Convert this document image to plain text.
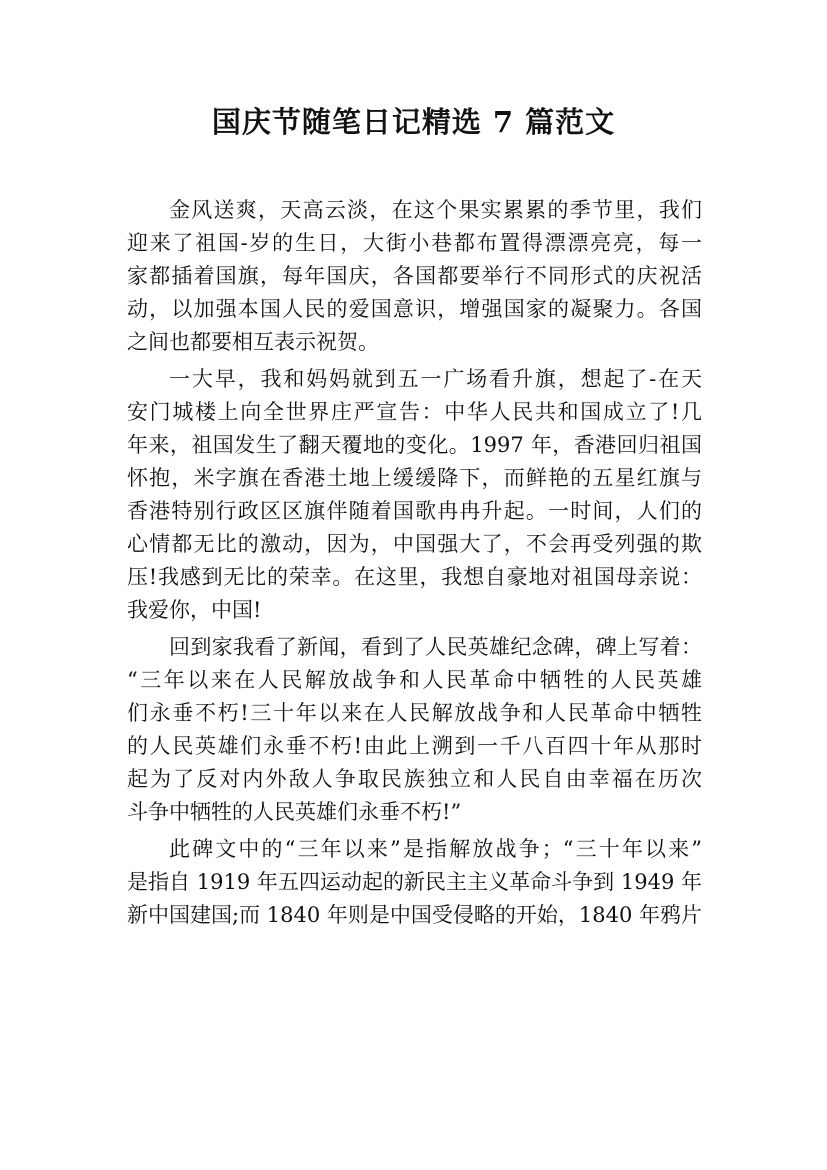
国庆节随笔日记精选 7 篇范文
金风送爽，天高云淡，在这个果实累累的季节里，我们
迎来了祖国-岁的生日，大街小巷都布置得漂漂亮亮，每一
家都插着国旗，每年国庆，各国都要举行不同形式的庆祝活
动，以加强本国人民的爱国意识，增强国家的凝聚力。各国
之间也都要相互表示祝贺。
一大早，我和妈妈就到五一广场看升旗，想起了-在天
安门城楼上向全世界庄严宣告：中华人民共和国成立了!几
年来，祖国发生了翻天覆地的变化。1997 年，香港回归祖国
怀抱，米字旗在香港土地上缓缓降下，而鲜艳的五星红旗与
香港特别行政区区旗伴随着国歌冉冉升起。一时间，人们的
心情都无比的激动，因为，中国强大了，不会再受列强的欺
压!我感到无比的荣幸。在这里，我想自豪地对祖国母亲说：
我爱你，中国!
回到家我看了新闻，看到了人民英雄纪念碑，碑上写着：
“三年以来在人民解放战争和人民革命中牺牲的人民英雄
们永垂不朽!三十年以来在人民解放战争和人民革命中牺牲
的人民英雄们永垂不朽!由此上溯到一千八百四十年从那时
起为了反对内外敌人争取民族独立和人民自由幸福在历次
斗争中牺牲的人民英雄们永垂不朽!”
此碑文中的“三年以来”是指解放战争；“三十年以来”
是指自 1919 年五四运动起的新民主主义革命斗争到 1949 年
新中国建国;而 1840 年则是中国受侵略的开始，1840 年鸦片
